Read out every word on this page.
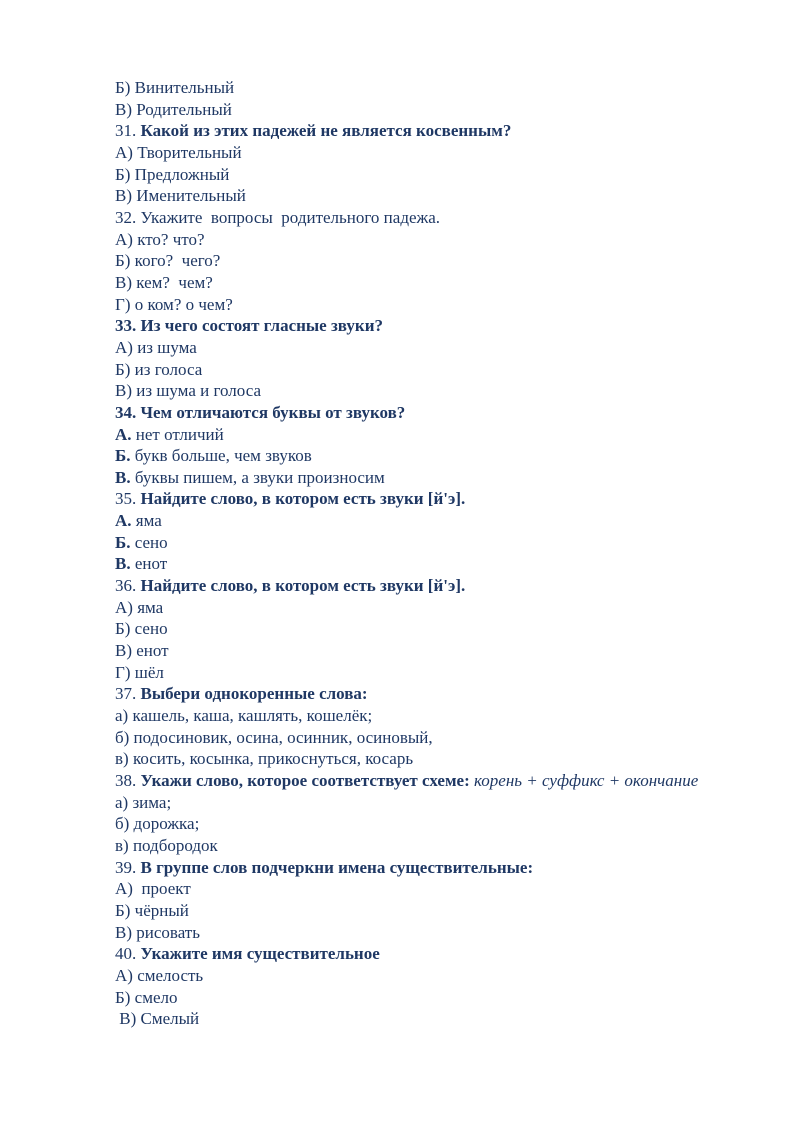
Б) Винительный
В) Родительный
31. Какой из этих падежей не является косвенным?
А) Творительный
Б) Предложный
В) Именительный
32. Укажите  вопросы  родительного падежа.
А) кто? что?
Б) кого?  чего?
В) кем?  чем?
Г) о ком? о чем?
33. Из чего состоят гласные звуки?
А) из шума
Б) из голоса
В) из шума и голоса
34. Чем отличаются буквы от звуков?
А. нет отличий
Б. букв больше, чем звуков
В. буквы пишем, а звуки произносим
35. Найдите слово, в котором есть звуки [й'э].
А. яма
Б. сено
В. енот
36. Найдите слово, в котором есть звуки [й'э].
А) яма
Б) сено
В) енот
Г) шёл
37. Выбери однокоренные слова:
а) кашель, каша, кашлять, кошелёк;
б) подосиновик, осина, осинник, осиновый,
в) косить, косынка, прикоснуться, косарь
38. Укажи слово, которое соответствует схеме: корень + суффикс + окончание
а) зима;
б) дорожка;
в) подбородок
39. В группе слов подчеркни имена существительные:
А)  проект
Б) чёрный
В) рисовать
40. Укажите имя существительное
А) смелость
Б) смело
В) Смелый
